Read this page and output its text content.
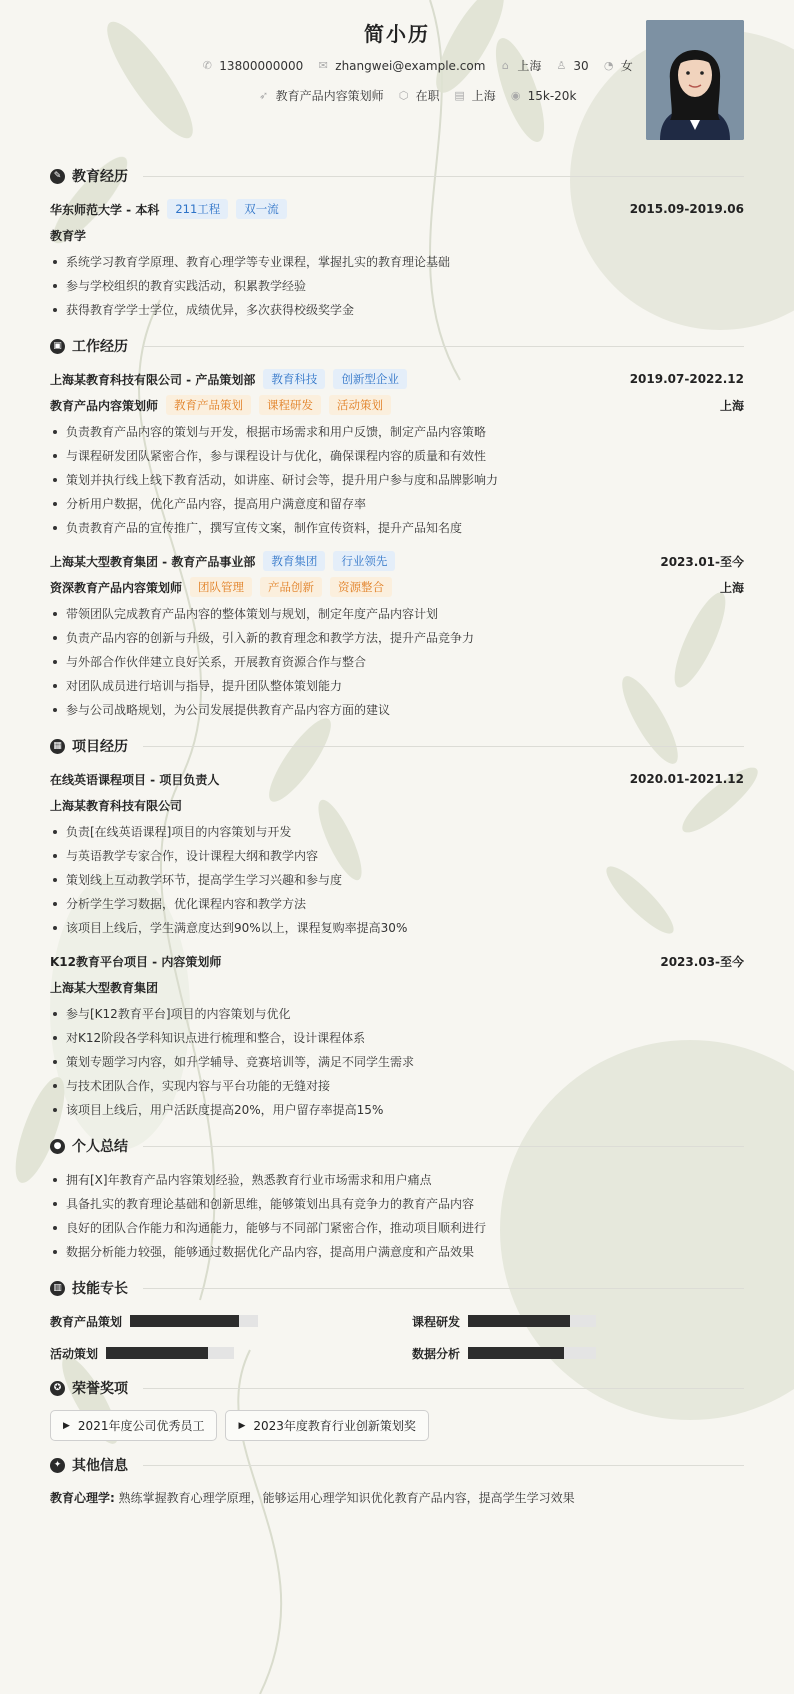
简小历
✆ 13800000000 ✉ zhangwei@example.com ⌂ 上海 ♙ 30 ◔ 女
➶ 教育产品内容策划师 ⬡ 在职 ▤ 上海 ◉ 15k-20k
✎ 教育经历
华东师范大学 - 本科	211工程	双一流	2015.09-2019.06
教育学
系统学习教育学原理、教育心理学等专业课程，掌握扎实的教育理论基础
参与学校组织的教育实践活动，积累教学经验
获得教育学学士学位，成绩优异，多次获得校级奖学金
▣ 工作经历
上海某教育科技有限公司 - 产品策划部	教育科技	创新型企业	2019.07-2022.12
教育产品内容策划师	教育产品策划	课程研发	活动策划	上海
负责教育产品内容的策划与开发，根据市场需求和用户反馈，制定产品内容策略
与课程研发团队紧密合作，参与课程设计与优化，确保课程内容的质量和有效性
策划并执行线上线下教育活动，如讲座、研讨会等，提升用户参与度和品牌影响力
分析用户数据，优化产品内容，提高用户满意度和留存率
负责教育产品的宣传推广，撰写宣传文案，制作宣传资料，提升产品知名度
上海某大型教育集团 - 教育产品事业部	教育集团	行业领先	2023.01-至今
资深教育产品内容策划师	团队管理	产品创新	资源整合	上海
带领团队完成教育产品内容的整体策划与规划，制定年度产品内容计划
负责产品内容的创新与升级，引入新的教育理念和教学方法，提升产品竞争力
与外部合作伙伴建立良好关系，开展教育资源合作与整合
对团队成员进行培训与指导，提升团队整体策划能力
参与公司战略规划，为公司发展提供教育产品内容方面的建议
▦ 项目经历
在线英语课程项目 - 项目负责人	2020.01-2021.12
上海某教育科技有限公司
负责[在线英语课程]项目的内容策划与开发
与英语教学专家合作，设计课程大纲和教学内容
策划线上互动教学环节，提高学生学习兴趣和参与度
分析学生学习数据，优化课程内容和教学方法
该项目上线后，学生满意度达到90%以上，课程复购率提高30%
K12教育平台项目 - 内容策划师	2023.03-至今
上海某大型教育集团
参与[K12教育平台]项目的内容策划与优化
对K12阶段各学科知识点进行梳理和整合，设计课程体系
策划专题学习内容，如升学辅导、竞赛培训等，满足不同学生需求
与技术团队合作，实现内容与平台功能的无缝对接
该项目上线后，用户活跃度提高20%，用户留存率提高15%
● 个人总结
拥有[X]年教育产品内容策划经验，熟悉教育行业市场需求和用户痛点
具备扎实的教育理论基础和创新思维，能够策划出具有竞争力的教育产品内容
良好的团队合作能力和沟通能力，能够与不同部门紧密合作，推动项目顺利进行
数据分析能力较强，能够通过数据优化产品内容，提高用户满意度和产品效果
▥ 技能专长
教育产品策划	课程研发
活动策划	数据分析
✪ 荣誉奖项
▶ 2021年度公司优秀员工	▶ 2023年度教育行业创新策划奖
✦ 其他信息
教育心理学: 熟练掌握教育心理学原理，能够运用心理学知识优化教育产品内容，提高学生学习效果
